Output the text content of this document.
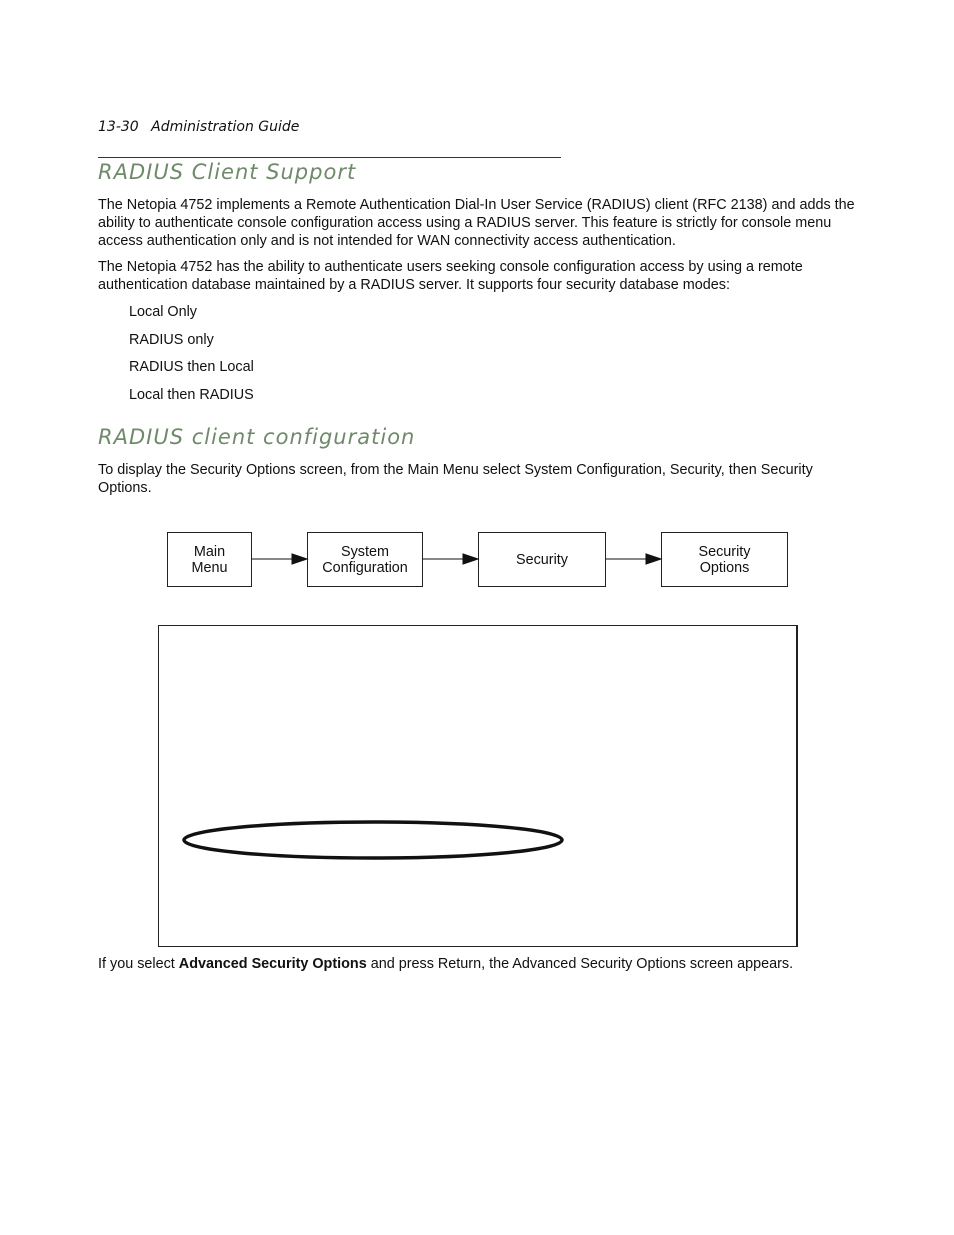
13-30 Administration Guide
RADIUS Client Support

The Netopia 4752 implements a Remote Authentication Dial-In User Service (RADIUS) client (RFC 2138) and adds the ability to authenticate console configuration access using a RADIUS server. This feature is strictly for console menu access authentication only and is not intended for WAN connectivity access authentication.

The Netopia 4752 has the ability to authenticate users seeking console configuration access by using a remote authentication database maintained by a RADIUS server. It supports four security database modes:

Local Only
RADIUS only
RADIUS then Local
Local then RADIUS
RADIUS client configuration

To display the Security Options screen, from the Main Menu select System Configuration, Security, then Security Options.

Main
Menu
System
Configuration	Security	Security
Options

If you select Advanced Security Options and press Return, the Advanced Security Options screen appears.
